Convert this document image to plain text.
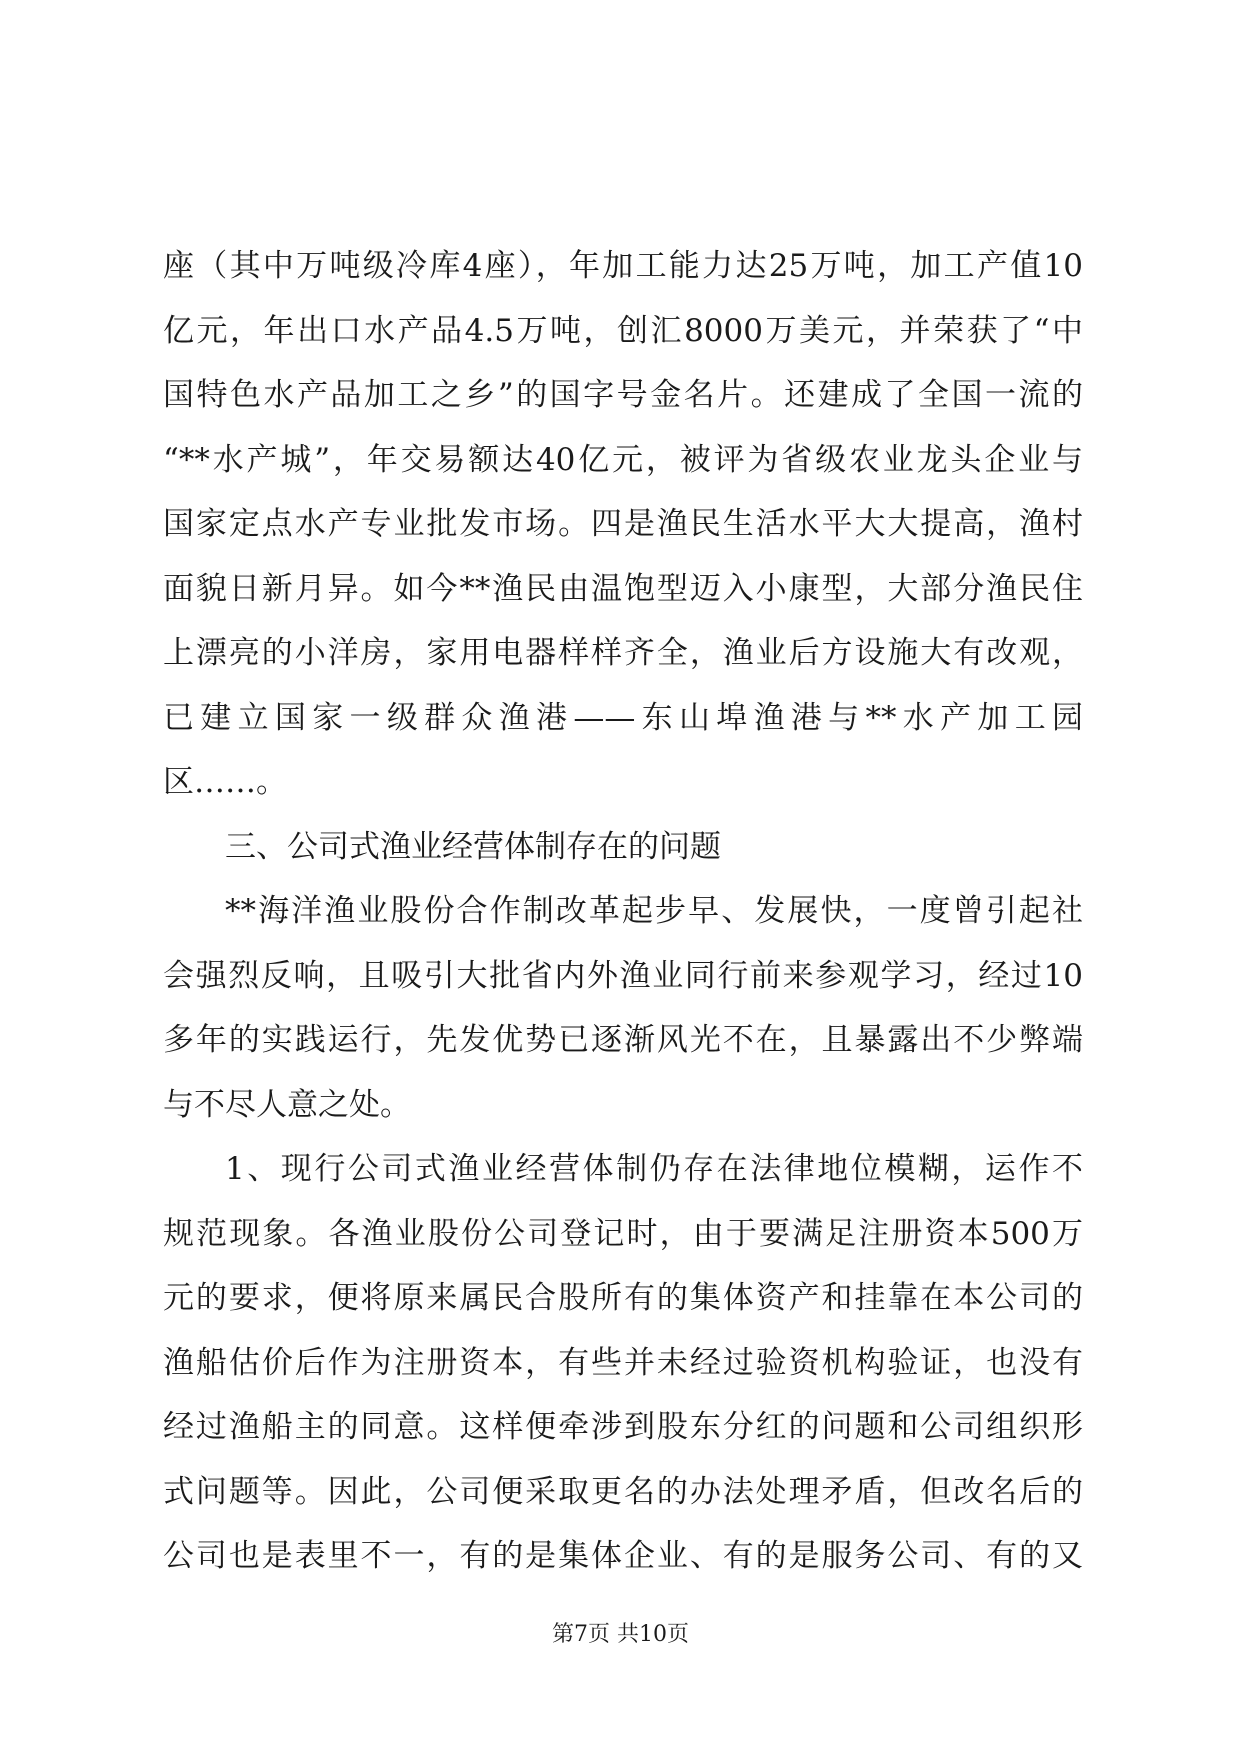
座（其中万吨级冷库4座），年加工能力达25万吨，加工产值10
亿元，年出口水产品4.5万吨，创汇8000万美元，并荣获了“中
国特色水产品加工之乡”的国字号金名片。还建成了全国一流的
“**水产城”，年交易额达40亿元，被评为省级农业龙头企业与
国家定点水产专业批发市场。四是渔民生活水平大大提高，渔村
面貌日新月异。如今**渔民由温饱型迈入小康型，大部分渔民住
上漂亮的小洋房，家用电器样样齐全，渔业后方设施大有改观，
已建立国家一级群众渔港——东山埠渔港与**水产加工园
区……。
三、公司式渔业经营体制存在的问题
**海洋渔业股份合作制改革起步早、发展快，一度曾引起社
会强烈反响，且吸引大批省内外渔业同行前来参观学习，经过10
多年的实践运行，先发优势已逐渐风光不在，且暴露出不少弊端
与不尽人意之处。
1、现行公司式渔业经营体制仍存在法律地位模糊，运作不
规范现象。各渔业股份公司登记时，由于要满足注册资本500万
元的要求，便将原来属民合股所有的集体资产和挂靠在本公司的
渔船估价后作为注册资本，有些并未经过验资机构验证，也没有
经过渔船主的同意。这样便牵涉到股东分红的问题和公司组织形
式问题等。因此，公司便采取更名的办法处理矛盾，但改名后的
公司也是表里不一，有的是集体企业、有的是服务公司、有的又
第7页 共10页
